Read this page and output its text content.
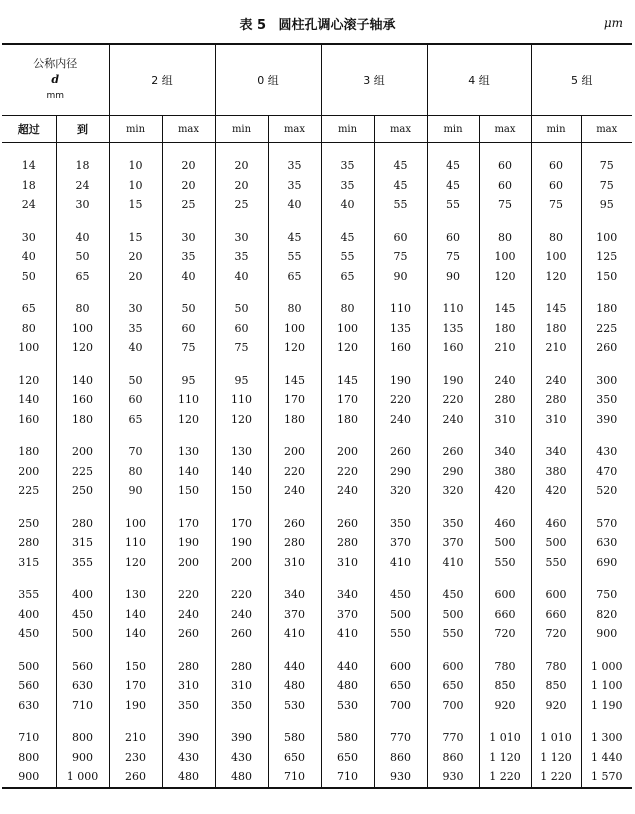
表 5 圆柱孔调心滚子轴承	μm
公称内径
d
mm		2 组		0 组		3 组		4 组		5 组	
超过	到	min	max	min	max	min	max	min	max	min	max

14	18	10	20	20	35	35	45	45	60	60	75
18	24	10	20	20	35	35	45	45	60	60	75
24	30	15	25	25	40	40	55	55	75	75	95

30	40	15	30	30	45	45	60	60	80	80	100
40	50	20	35	35	55	55	75	75	100	100	125
50	65	20	40	40	65	65	90	90	120	120	150

65	80	30	50	50	80	80	110	110	145	145	180
80	100	35	60	60	100	100	135	135	180	180	225
100	120	40	75	75	120	120	160	160	210	210	260

120	140	50	95	95	145	145	190	190	240	240	300
140	160	60	110	110	170	170	220	220	280	280	350
160	180	65	120	120	180	180	240	240	310	310	390

180	200	70	130	130	200	200	260	260	340	340	430
200	225	80	140	140	220	220	290	290	380	380	470
225	250	90	150	150	240	240	320	320	420	420	520

250	280	100	170	170	260	260	350	350	460	460	570
280	315	110	190	190	280	280	370	370	500	500	630
315	355	120	200	200	310	310	410	410	550	550	690

355	400	130	220	220	340	340	450	450	600	600	750
400	450	140	240	240	370	370	500	500	660	660	820
450	500	140	260	260	410	410	550	550	720	720	900

500	560	150	280	280	440	440	600	600	780	780	1 000
560	630	170	310	310	480	480	650	650	850	850	1 100
630	710	190	350	350	530	530	700	700	920	920	1 190

710	800	210	390	390	580	580	770	770	1 010	1 010	1 300
800	900	230	430	430	650	650	860	860	1 120	1 120	1 440
900	1 000	260	480	480	710	710	930	930	1 220	1 220	1 570
